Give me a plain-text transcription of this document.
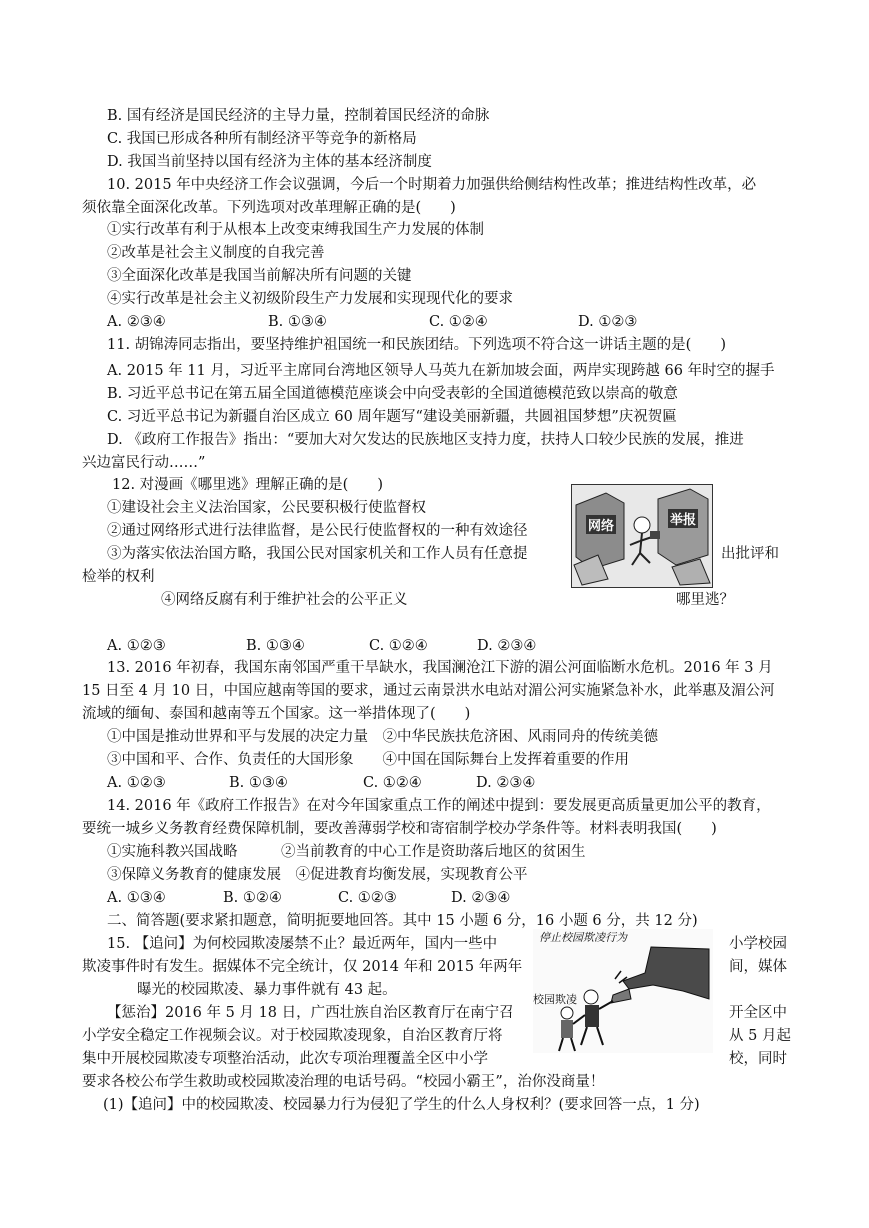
B. 国有经济是国民经济的主导力量，控制着国民经济的命脉
C. 我国已形成各种所有制经济平等竞争的新格局
D. 我国当前坚持以国有经济为主体的基本经济制度
10. 2015 年中央经济工作会议强调，今后一个时期着力加强供给侧结构性改革；推进结构性改革，必
须依靠全面深化改革。下列选项对改革理解正确的是(　　)
①实行改革有利于从根本上改变束缚我国生产力发展的体制
②改革是社会主义制度的自我完善
③全面深化改革是我国当前解决所有问题的关键
④实行改革是社会主义初级阶段生产力发展和实现现代化的要求
A. ②③④	B. ①③④	C. ①②④	D. ①②③
11. 胡锦涛同志指出，要坚持维护祖国统一和民族团结。下列选项不符合这一讲话主题的是(　　)
A. 2015 年 11 月，习近平主席同台湾地区领导人马英九在新加坡会面，两岸实现跨越 66 年时空的握手
B. 习近平总书记在第五届全国道德模范座谈会中向受表彰的全国道德模范致以崇高的敬意
C. 习近平总书记为新疆自治区成立 60 周年题写“建设美丽新疆，共圆祖国梦想”庆祝贺匾
D. 《政府工作报告》指出：“要加大对欠发达的民族地区支持力度，扶持人口较少民族的发展，推进
兴边富民行动……”
12. 对漫画《哪里逃》理解正确的是(　　)
①建设社会主义法治国家，公民要积极行使监督权
②通过网络形式进行法律监督，是公民行使监督权的一种有效途径
③为落实依法治国方略，我国公民对国家机关和工作人员有任意提	出批评和
检举的权利
④网络反腐有利于维护社会的公平正义	哪里逃？
网络	举报
A. ①②③	B. ①③④	C. ①②④	D. ②③④
13. 2016 年初春，我国东南邻国严重干旱缺水，我国澜沧江下游的湄公河面临断水危机。2016 年 3 月
15 日至 4 月 10 日，中国应越南等国的要求，通过云南景洪水电站对湄公河实施紧急补水，此举惠及湄公河
流域的缅甸、泰国和越南等五个国家。这一举措体现了(　　)
①中国是推动世界和平与发展的决定力量　②中华民族扶危济困、风雨同舟的传统美德
③中国和平、合作、负责任的大国形象　　④中国在国际舞台上发挥着重要的作用
A. ①②③	B. ①③④	C. ①②④	D. ②③④
14. 2016 年《政府工作报告》在对今年国家重点工作的阐述中提到：要发展更高质量更加公平的教育，
要统一城乡义务教育经费保障机制，要改善薄弱学校和寄宿制学校办学条件等。材料表明我国(　　)
①实施科教兴国战略　　　②当前教育的中心工作是资助落后地区的贫困生
③保障义务教育的健康发展　④促进教育均衡发展，实现教育公平
A. ①③④	B. ①②④	C. ①②③	D. ②③④
二、简答题(要求紧扣题意，简明扼要地回答。其中 15 小题 6 分，16 小题 6 分，共 12 分)
15. 【追问】为何校园欺凌屡禁不止？最近两年，国内一些中	小学校园
欺凌事件时有发生。据媒体不完全统计，仅 2014 年和 2015 年两年	间，媒体
曝光的校园欺凌、暴力事件就有 43 起。
【惩治】2016 年 5 月 18 日，广西壮族自治区教育厅在南宁召	开全区中
小学安全稳定工作视频会议。对于校园欺凌现象，自治区教育厅将	从 5 月起
集中开展校园欺凌专项整治活动，此次专项治理覆盖全区中小学	校，同时
要求各校公布学生救助或校园欺凌治理的电话号码。“校园小霸王”，治你没商量！
(1)【追问】中的校园欺凌、校园暴力行为侵犯了学生的什么人身权利？(要求回答一点，1 分)
停止校园欺凌行为
校园欺凌
